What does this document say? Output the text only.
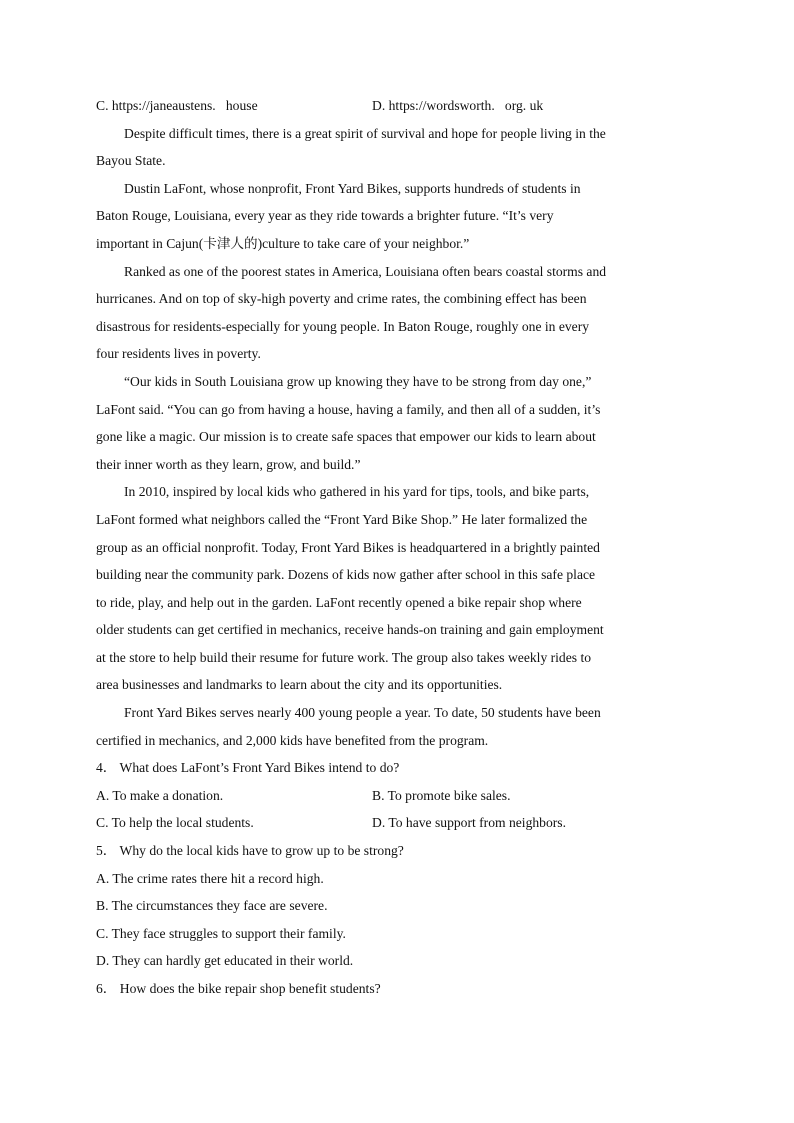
C. https://janeaustens.   house	D. https://wordsworth.   org. uk
Despite difficult times, there is a great spirit of survival and hope for people living in the
Bayou State.
Dustin LaFont, whose nonprofit, Front Yard Bikes, supports hundreds of students in
Baton Rouge, Louisiana, every year as they ride towards a brighter future. “It’s very
important in Cajun(卡津人的)culture to take care of your neighbor.”
Ranked as one of the poorest states in America, Louisiana often bears coastal storms and
hurricanes. And on top of sky-high poverty and crime rates, the combining effect has been
disastrous for residents-especially for young people. In Baton Rouge, roughly one in every
four residents lives in poverty.
“Our kids in South Louisiana grow up knowing they have to be strong from day one,”
LaFont said. “You can go from having a house, having a family, and then all of a sudden, it’s
gone like a magic. Our mission is to create safe spaces that empower our kids to learn about
their inner worth as they learn, grow, and build.”
In 2010, inspired by local kids who gathered in his yard for tips, tools, and bike parts,
LaFont formed what neighbors called the “Front Yard Bike Shop.” He later formalized the
group as an official nonprofit. Today, Front Yard Bikes is headquartered in a brightly painted
building near the community park. Dozens of kids now gather after school in this safe place
to ride, play, and help out in the garden. LaFont recently opened a bike repair shop where
older students can get certified in mechanics, receive hands-on training and gain employment
at the store to help build their resume for future work. The group also takes weekly rides to
area businesses and landmarks to learn about the city and its opportunities.
Front Yard Bikes serves nearly 400 young people a year. To date, 50 students have been
certified in mechanics, and 2,000 kids have benefited from the program.
4． What does LaFont’s Front Yard Bikes intend to do?
A. To make a donation.	B. To promote bike sales.
C. To help the local students.	D. To have support from neighbors.
5． Why do the local kids have to grow up to be strong?
A. The crime rates there hit a record high.
B. The circumstances they face are severe.
C. They face struggles to support their family.
D. They can hardly get educated in their world.
6． How does the bike repair shop benefit students?
